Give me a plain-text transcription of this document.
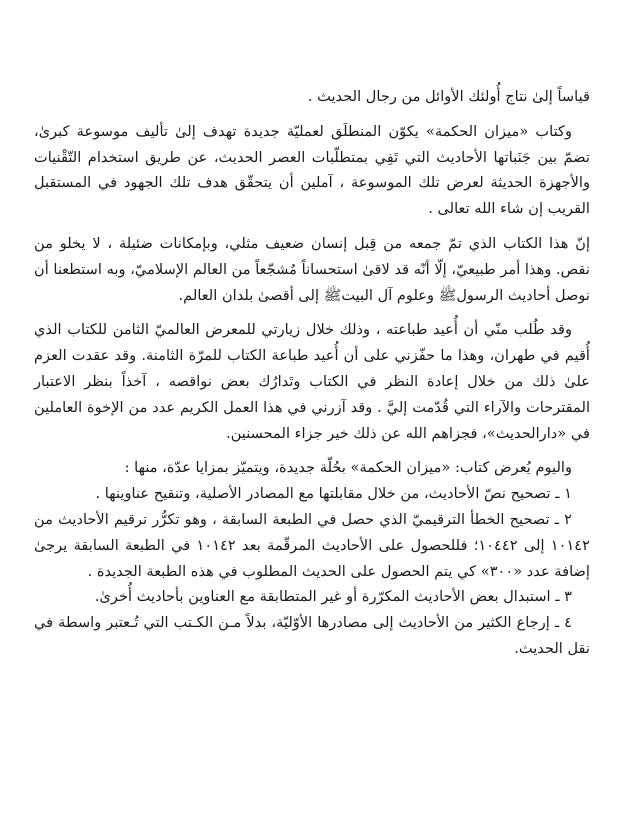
قياساً إلىٰ نتاج أُولئك الأوائل من رجال الحديث .

وكتاب «ميزان الحكمة» يكوّن المنطلَق لعمليّة جديدة تهدف إلىٰ تأليف موسوعة كبرىٰ، تضمّ بين جَنَباتها الأحاديث التي تَفِي بمتطلّبات العصر الحديث، عن طريق استخدام التّقْنيات والأجهزة الحديثة لعرض تلك الموسوعة ، آملين أن يتحقّق هدف تلك الجهود في المستقبل القريب إن شاء الله تعالى .

إنّ هذا الكتاب الذي تمّ جمعه من قِبل إنسان ضعيف مثلي، وبإمكانات ضئيلة ، لا يخلو من نقص. وهذا أمر طبيعيّ، إلّا أنّه قد لاقىٰ استحساناً مُشجّعاً من العالم الإسلاميّ، وبه استطعنا أن نوصل أحاديث الرسولﷺ وعلوم آل البيتﷺ إلى أقصىٰ بلدان العالم.

وقد طُلب منّي أن أُعيد طباعته ، وذلك خلال زيارتي للمعرض العالميّ الثامن للكتاب الذي أُقيم في طهران، وهذا ما حفّزني على أن أُعيد طباعة الكتاب للمرّة الثامنة. وقد عقدت العزم علىٰ ذلك من خلال إعادة النظر في الكتاب وتَدارُك بعض نواقصه ، آخذاً بنظر الاعتبار المقترحات والآراء التي قُدّمت إليَّ . وقد آزرني في هذا العمل الكريم عدد من الإخوة العاملين في «دارالحديث»، فجزاهم الله عن ذلك خير جزاء المحسنين.

واليوم يُعرض كتاب: «ميزان الحكمة» بحُلّة جديدة، ويتميّز بمزايا عدّة، منها :

١ ـ تصحيح نصّ الأحاديث، من خلال مقابلتها مع المصادر الأصلية، وتنقيح عناوينها .

٢ ـ تصحيح الخطأ الترقيميّ الذي حصل في الطبعة السابقة ، وهو تكرُّر ترقيم الأحاديث من ١٠١٤٢ إلى ١٠٤٤٢؛ فللحصول على الأحاديث المرقّمة بعد ١٠١٤٢ في الطبعة السابقة يرجىٰ إضافة عدد «٣٠٠» كي يتم الحصول على الحديث المطلوب في هذه الطبعة الجديدة .

٣ ـ استبدال بعض الأحاديث المكرّرة أو غير المتطابقة مع العناوين بأحاديث أُخرىٰ.

٤ ـ إرجاع الكثير من الأحاديث إلى مصادرها الأوّليّة، بدلاً مـن الكـتب التي تُـعتبر واسطة في نقل الحديث.
